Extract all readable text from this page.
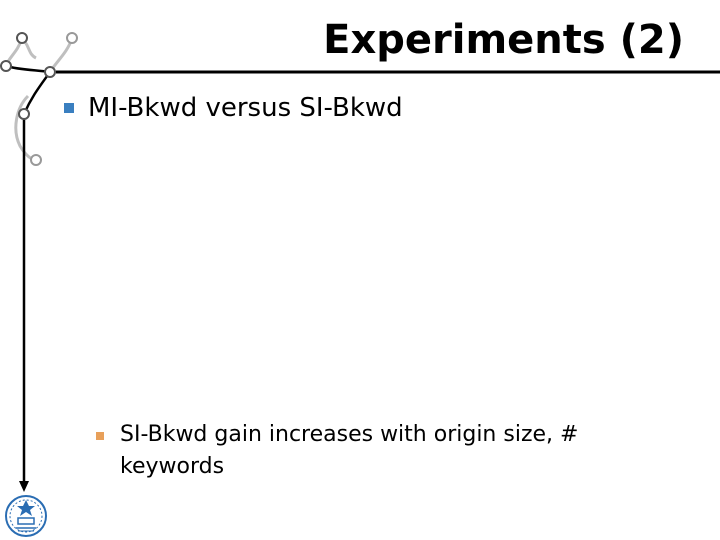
Experiments (2)
MI-Bkwd versus SI-Bkwd
SI-Bkwd gain increases with origin size, # keywords
